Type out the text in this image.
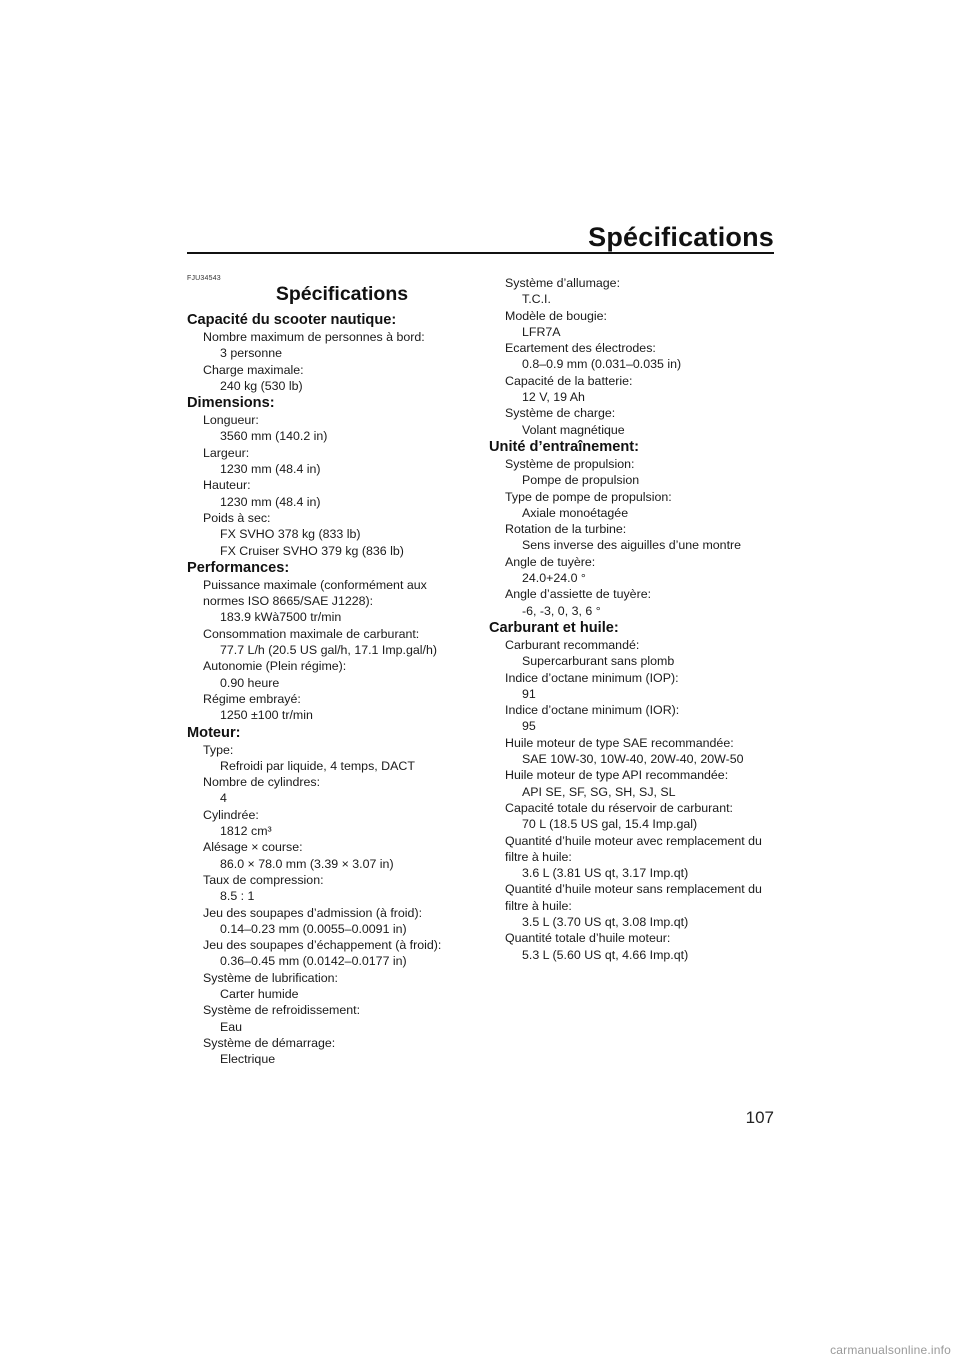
Spécifications
FJU34543
Spécifications
Capacité du scooter nautique:
Nombre maximum de personnes à bord:
3 personne
Charge maximale:
240 kg (530 lb)
Dimensions:
Longueur:
3560 mm (140.2 in)
Largeur:
1230 mm (48.4 in)
Hauteur:
1230 mm (48.4 in)
Poids à sec:
FX SVHO 378 kg (833 lb)
FX Cruiser SVHO 379 kg (836 lb)
Performances:
Puissance maximale (conformément aux
normes ISO 8665/SAE J1228):
183.9 kWà7500 tr/min
Consommation maximale de carburant:
77.7 L/h (20.5 US gal/h, 17.1 Imp.gal/h)
Autonomie (Plein régime):
0.90 heure
Régime embrayé:
1250 ±100 tr/min
Moteur:
Type:
Refroidi par liquide, 4 temps, DACT
Nombre de cylindres:
4
Cylindrée:
1812 cm³
Alésage × course:
86.0 × 78.0 mm (3.39 × 3.07 in)
Taux de compression:
8.5 : 1
Jeu des soupapes d’admission (à froid):
0.14–0.23 mm (0.0055–0.0091 in)
Jeu des soupapes d’échappement (à froid):
0.36–0.45 mm (0.0142–0.0177 in)
Système de lubrification:
Carter humide
Système de refroidissement:
Eau
Système de démarrage:
Electrique
Système d’allumage:
T.C.I.
Modèle de bougie:
LFR7A
Ecartement des électrodes:
0.8–0.9 mm (0.031–0.035 in)
Capacité de la batterie:
12 V, 19 Ah
Système de charge:
Volant magnétique
Unité d’entraînement:
Système de propulsion:
Pompe de propulsion
Type de pompe de propulsion:
Axiale monoétagée
Rotation de la turbine:
Sens inverse des aiguilles d’une montre
Angle de tuyère:
24.0+24.0 °
Angle d’assiette de tuyère:
-6, -3, 0, 3, 6 °
Carburant et huile:
Carburant recommandé:
Supercarburant sans plomb
Indice d’octane minimum (IOP):
91
Indice d’octane minimum (IOR):
95
Huile moteur de type SAE recommandée:
SAE 10W-30, 10W-40, 20W-40, 20W-50
Huile moteur de type API recommandée:
API SE, SF, SG, SH, SJ, SL
Capacité totale du réservoir de carburant:
70 L (18.5 US gal, 15.4 Imp.gal)
Quantité d’huile moteur avec remplacement du
filtre à huile:
3.6 L (3.81 US qt, 3.17 Imp.qt)
Quantité d’huile moteur sans remplacement du
filtre à huile:
3.5 L (3.70 US qt, 3.08 Imp.qt)
Quantité totale d’huile moteur:
5.3 L (5.60 US qt, 4.66 Imp.qt)
107
carmanualsonline.info
